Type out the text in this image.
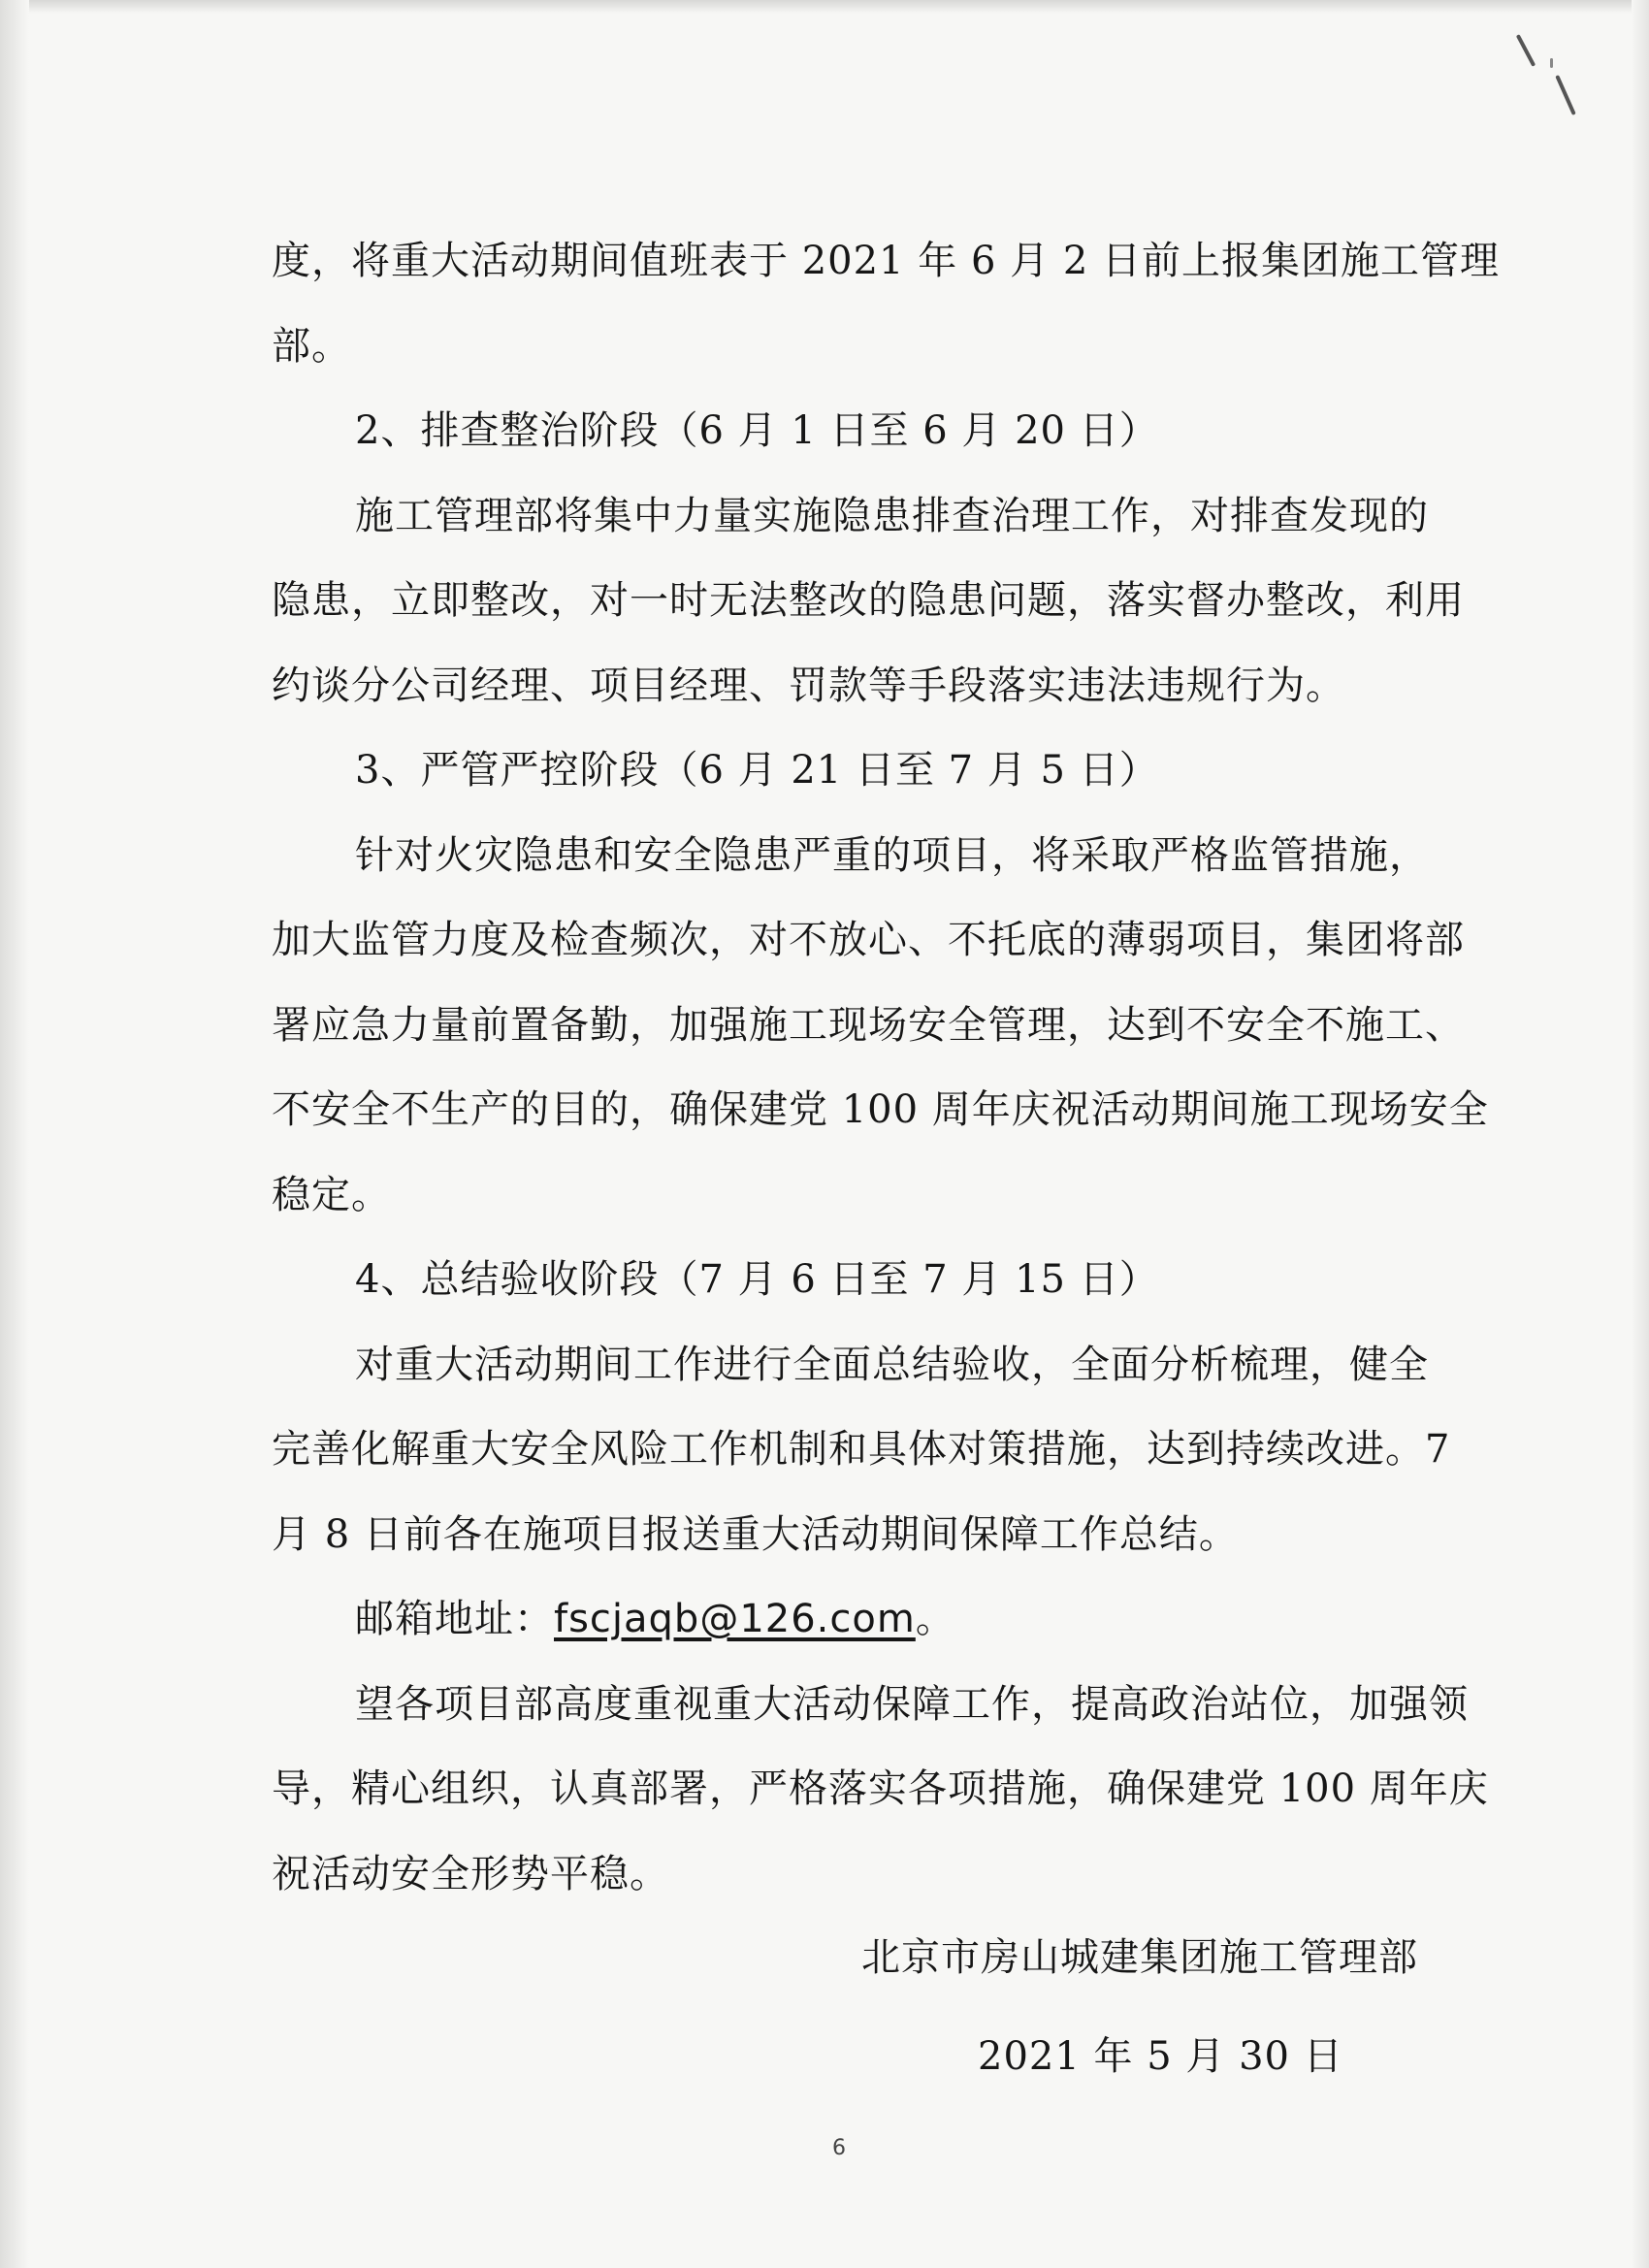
度，将重大活动期间值班表于 2021 年 6 月 2 日前上报集团施工管理
部。
2、排查整治阶段（6 月 1 日至 6 月 20 日）
施工管理部将集中力量实施隐患排查治理工作，对排查发现的
隐患，立即整改，对一时无法整改的隐患问题，落实督办整改，利用
约谈分公司经理、项目经理、罚款等手段落实违法违规行为。
3、严管严控阶段（6 月 21 日至 7 月 5 日）
针对火灾隐患和安全隐患严重的项目，将采取严格监管措施，
加大监管力度及检查频次，对不放心、不托底的薄弱项目，集团将部
署应急力量前置备勤，加强施工现场安全管理，达到不安全不施工、
不安全不生产的目的，确保建党 100 周年庆祝活动期间施工现场安全
稳定。
4、总结验收阶段（7 月 6 日至 7 月 15 日）
对重大活动期间工作进行全面总结验收，全面分析梳理，健全
完善化解重大安全风险工作机制和具体对策措施，达到持续改进。7
月 8 日前各在施项目报送重大活动期间保障工作总结。
邮箱地址：fscjaqb@126.com。
望各项目部高度重视重大活动保障工作，提高政治站位，加强领
导，精心组织，认真部署，严格落实各项措施，确保建党 100 周年庆
祝活动安全形势平稳。
北京市房山城建集团施工管理部
2021 年 5 月 30 日
6
